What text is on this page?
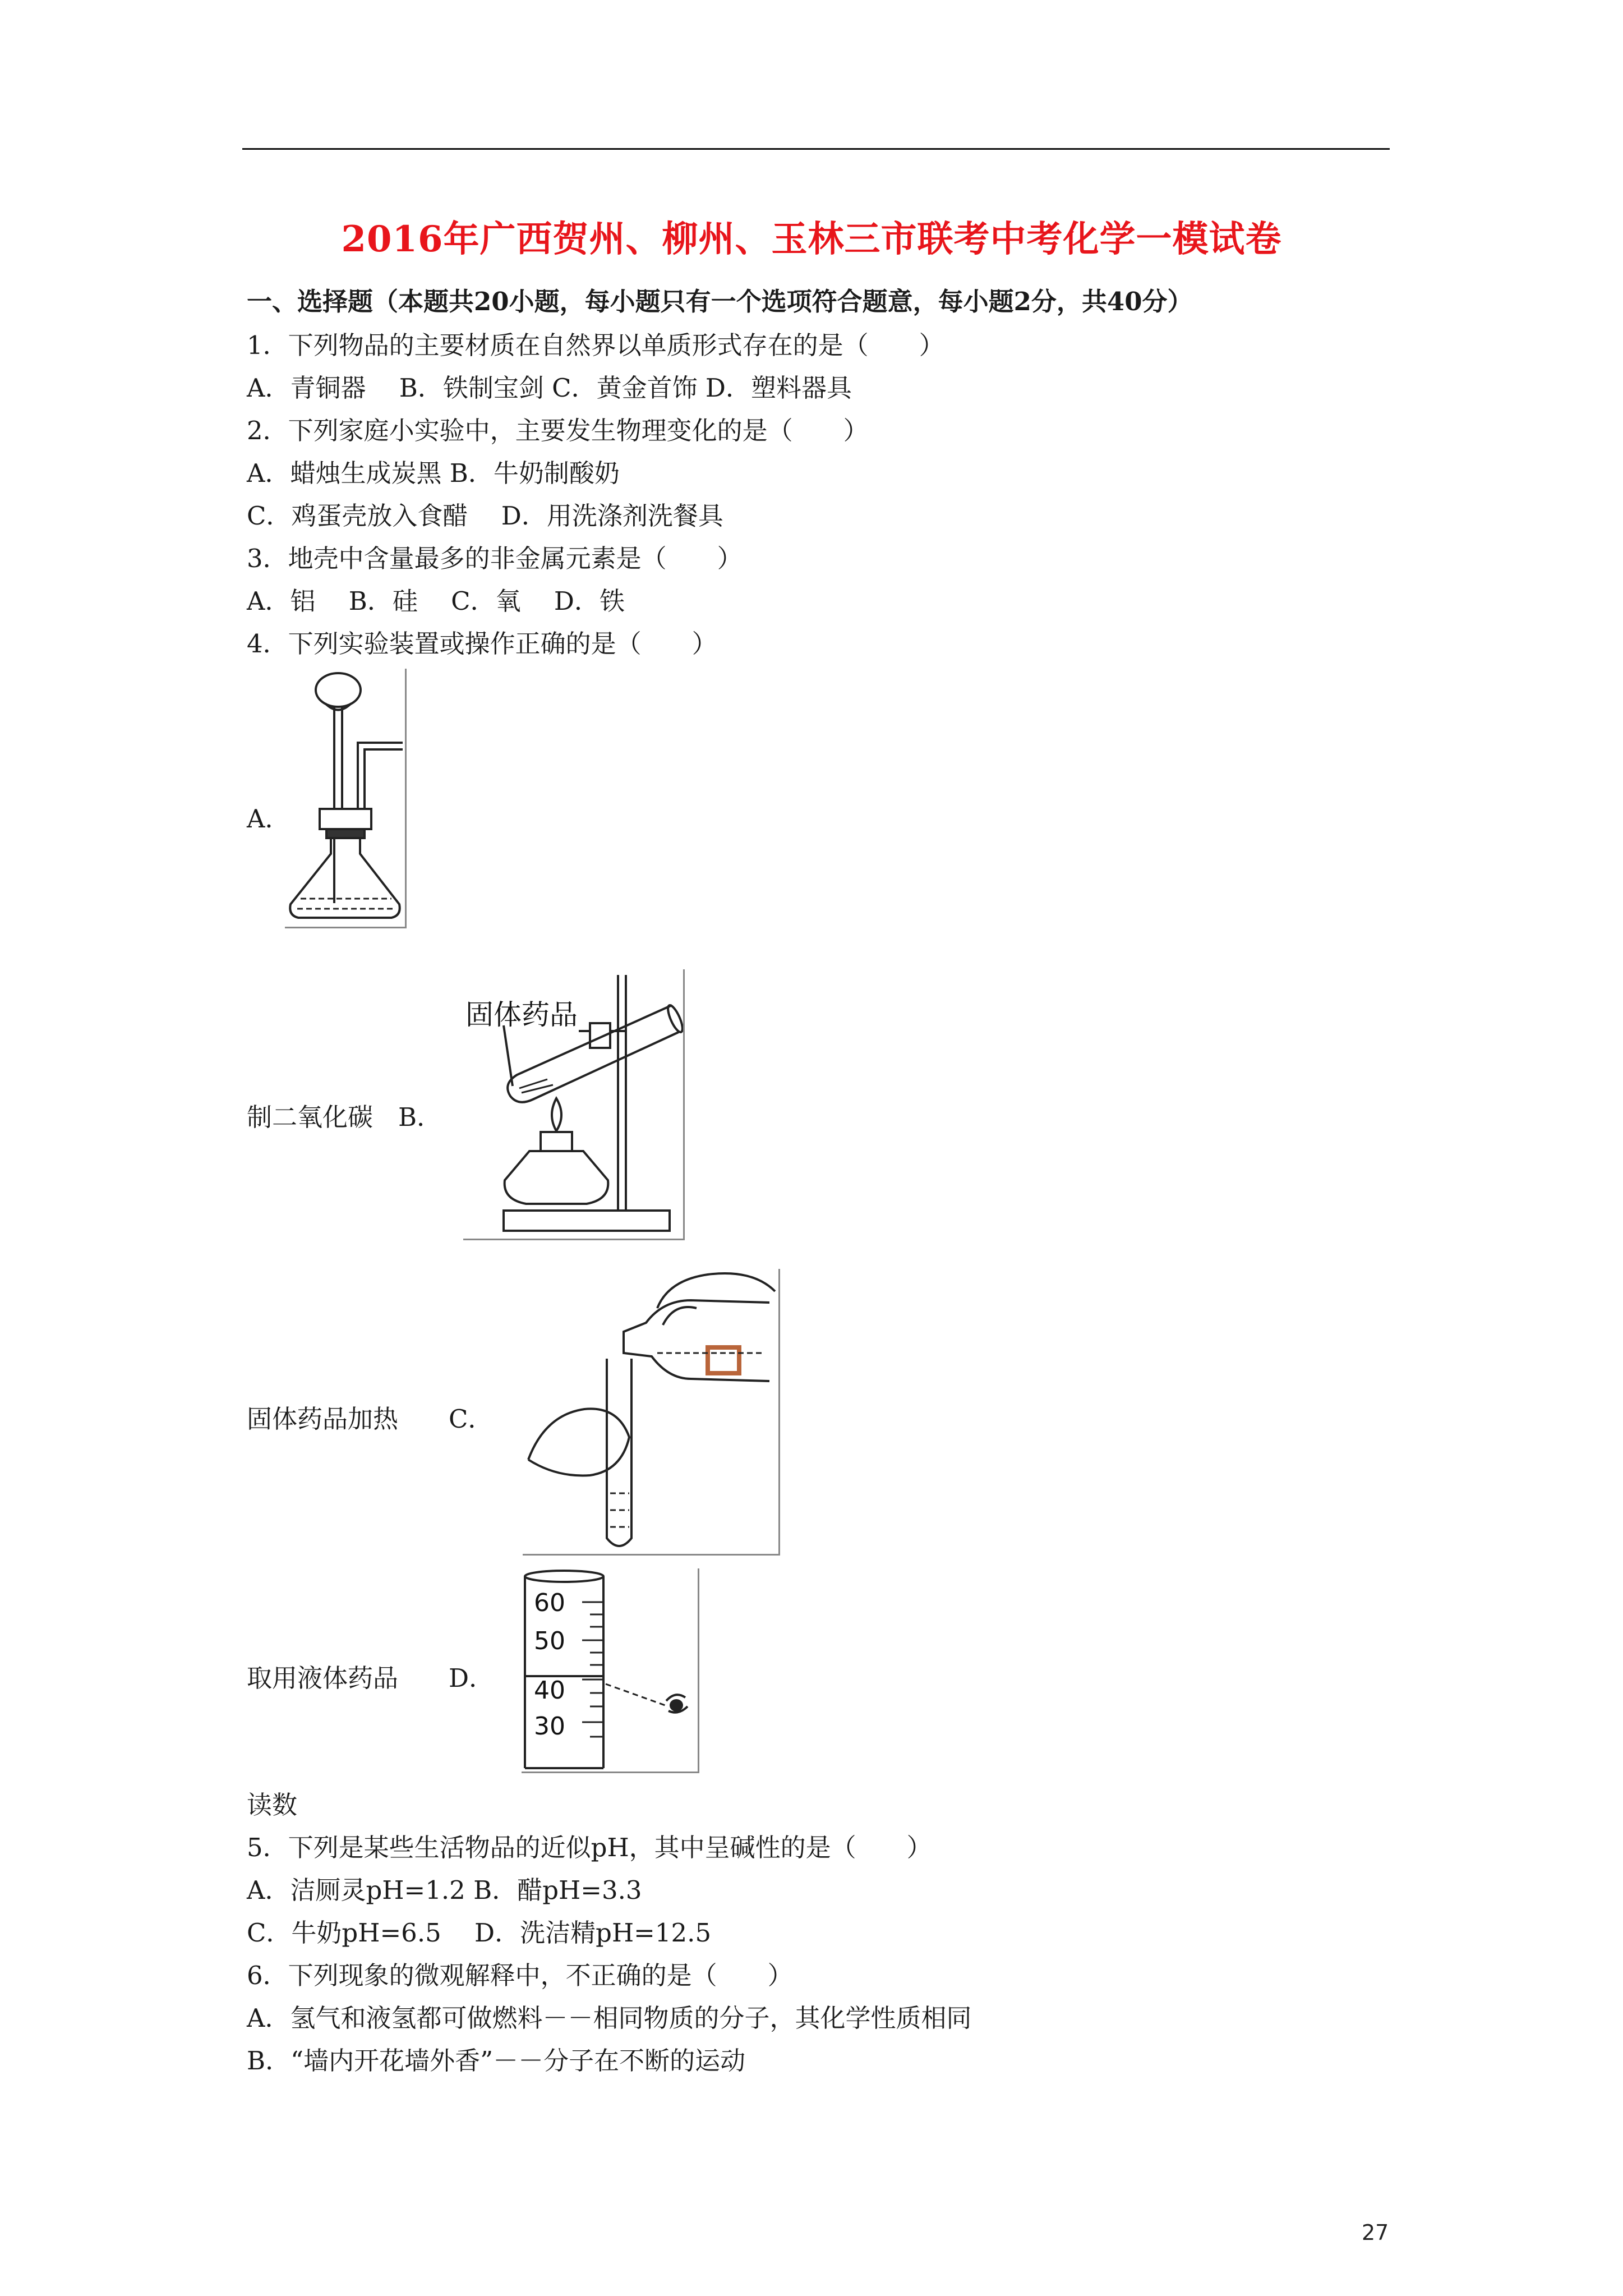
2016年广西贺州、柳州、玉林三市联考中考化学一模试卷
一、选择题（本题共20小题，每小题只有一个选项符合题意，每小题2分，共40分）
1．下列物品的主要材质在自然界以单质形式存在的是（　　）
A．青铜器　 B．铁制宝剑 C．黄金首饰 D．塑料器具
2．下列家庭小实验中，主要发生物理变化的是（　　）
A．蜡烛生成炭黑 B．牛奶制酸奶
C．鸡蛋壳放入食醋　 D．用洗涤剂洗餐具
3．地壳中含量最多的非金属元素是（　　）
A．铝　 B．硅　 C．氧　 D．铁
4．下列实验装置或操作正确的是（　　）
A．
制二氧化碳　B．
固体药品
固体药品加热　　C．
取用液体药品　　D．
60
50
40
30
读数
5．下列是某些生活物品的近似pH，其中呈碱性的是（　　）
A．洁厕灵pH=1.2 B．醋pH=3.3
C．牛奶pH=6.5　 D．洗洁精pH=12.5
6．下列现象的微观解释中，不正确的是（　　）
A．氢气和液氢都可做燃料－－相同物质的分子，其化学性质相同
B．“墙内开花墙外香”－－分子在不断的运动
27
